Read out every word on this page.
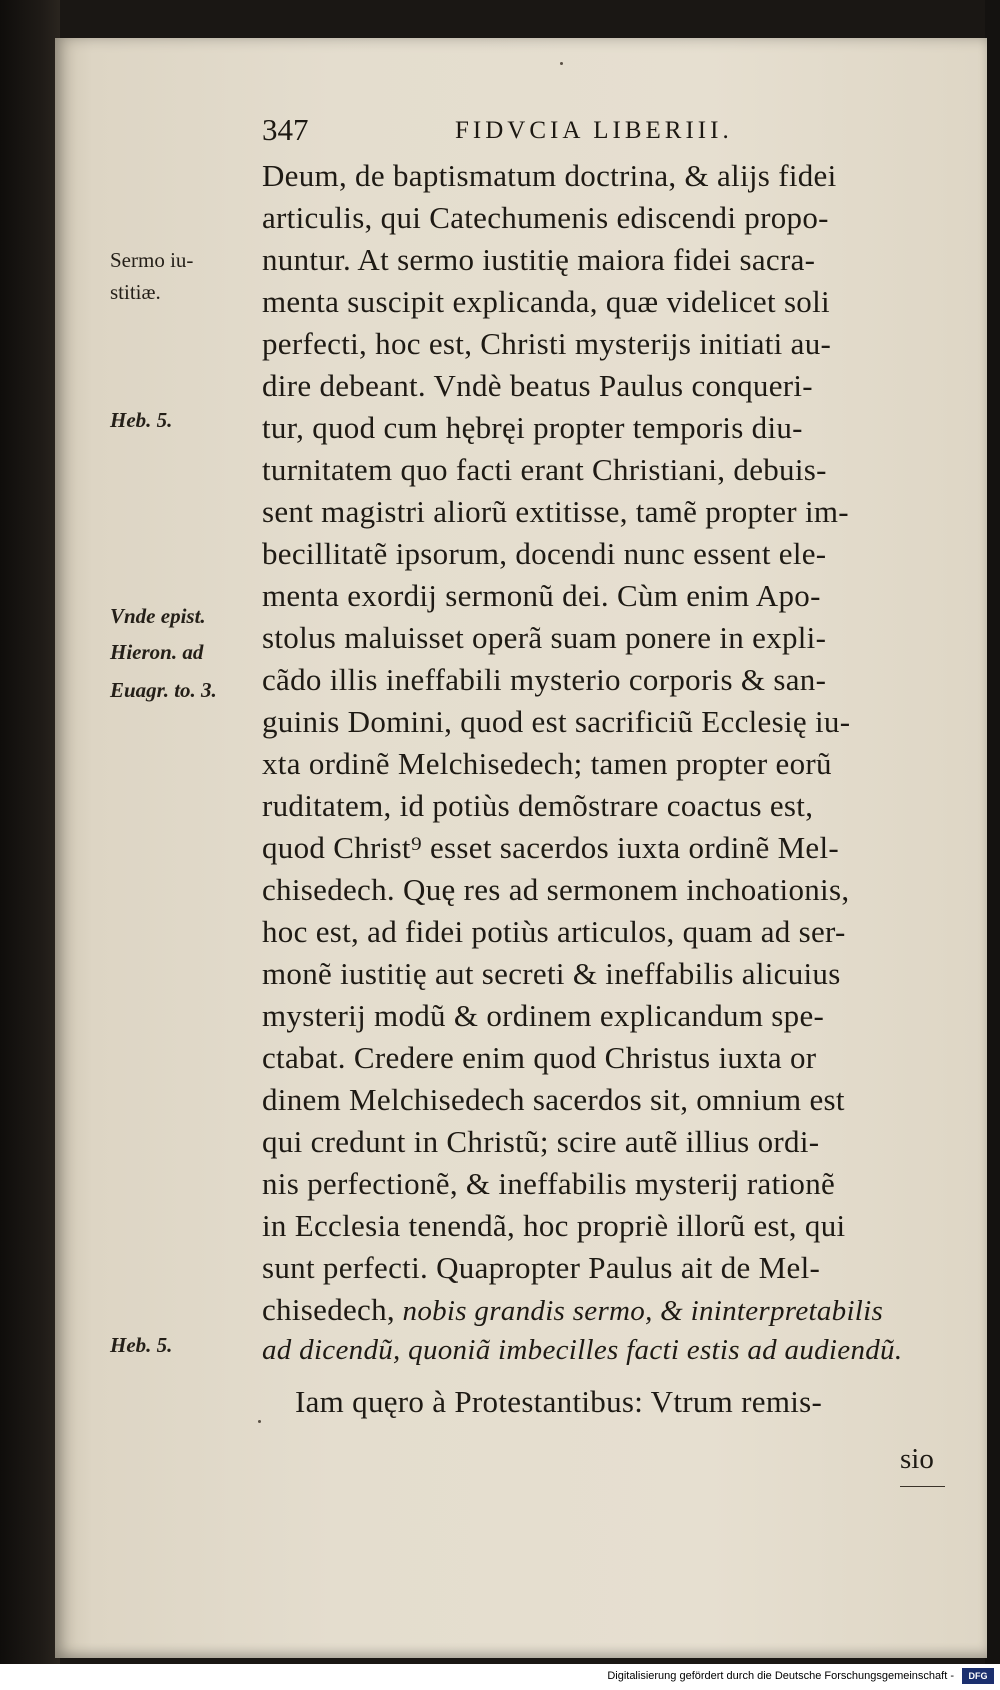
347	FIDVCIA LIBERIII.
Deum, de baptismatum doctrina, & alijs fidei
articulis, qui Catechumenis ediscendi propo-
nuntur. At sermo iustitię maiora fidei sacra-
menta suscipit explicanda, quæ videlicet soli
perfecti, hoc est, Christi mysterijs initiati au-
dire debeant. Vndè beatus Paulus conqueri-
tur, quod cum hębręi propter temporis diu-
turnitatem quo facti erant Christiani, debuis-
sent magistri aliorũ extitisse, tamẽ propter im-
becillitatẽ ipsorum, docendi nunc essent ele-
menta exordij sermonũ dei. Cùm enim Apo-
stolus maluisset operã suam ponere in expli-
cãdo illis ineffabili mysterio corporis & san-
guinis Domini, quod est sacrificiũ Ecclesię iu-
xta ordinẽ Melchisedech; tamen propter eorũ
ruditatem, id potiùs demõstrare coactus est,
quod Christ⁹ esset sacerdos iuxta ordinẽ Mel-
chisedech. Quę res ad sermonem inchoationis,
hoc est, ad fidei potiùs articulos, quam ad ser-
monẽ iustitię aut secreti & ineffabilis alicuius
mysterij modũ & ordinem explicandum spe-
ctabat. Credere enim quod Christus iuxta or
dinem Melchisedech sacerdos sit, omnium est
qui credunt in Christũ; scire autẽ illius ordi-
nis perfectionẽ, & ineffabilis mysterij rationẽ
in Ecclesia tenendã, hoc propriè illorũ est, qui
sunt perfecti. Quapropter Paulus ait de Mel-
chisedech, nobis grandis sermo, & ininterpretabilis
ad dicendũ, quoniã imbecilles facti estis ad audiendũ.
Iam quęro à Protestantibus: Vtrum remis-
sio
Sermo iu-
stitiæ.
Heb. 5.
Vnde epist.
Hieron. ad
Euagr. to. 3.
Heb. 5.
Digitalisierung gefördert durch die Deutsche Forschungsgemeinschaft -	DFG
